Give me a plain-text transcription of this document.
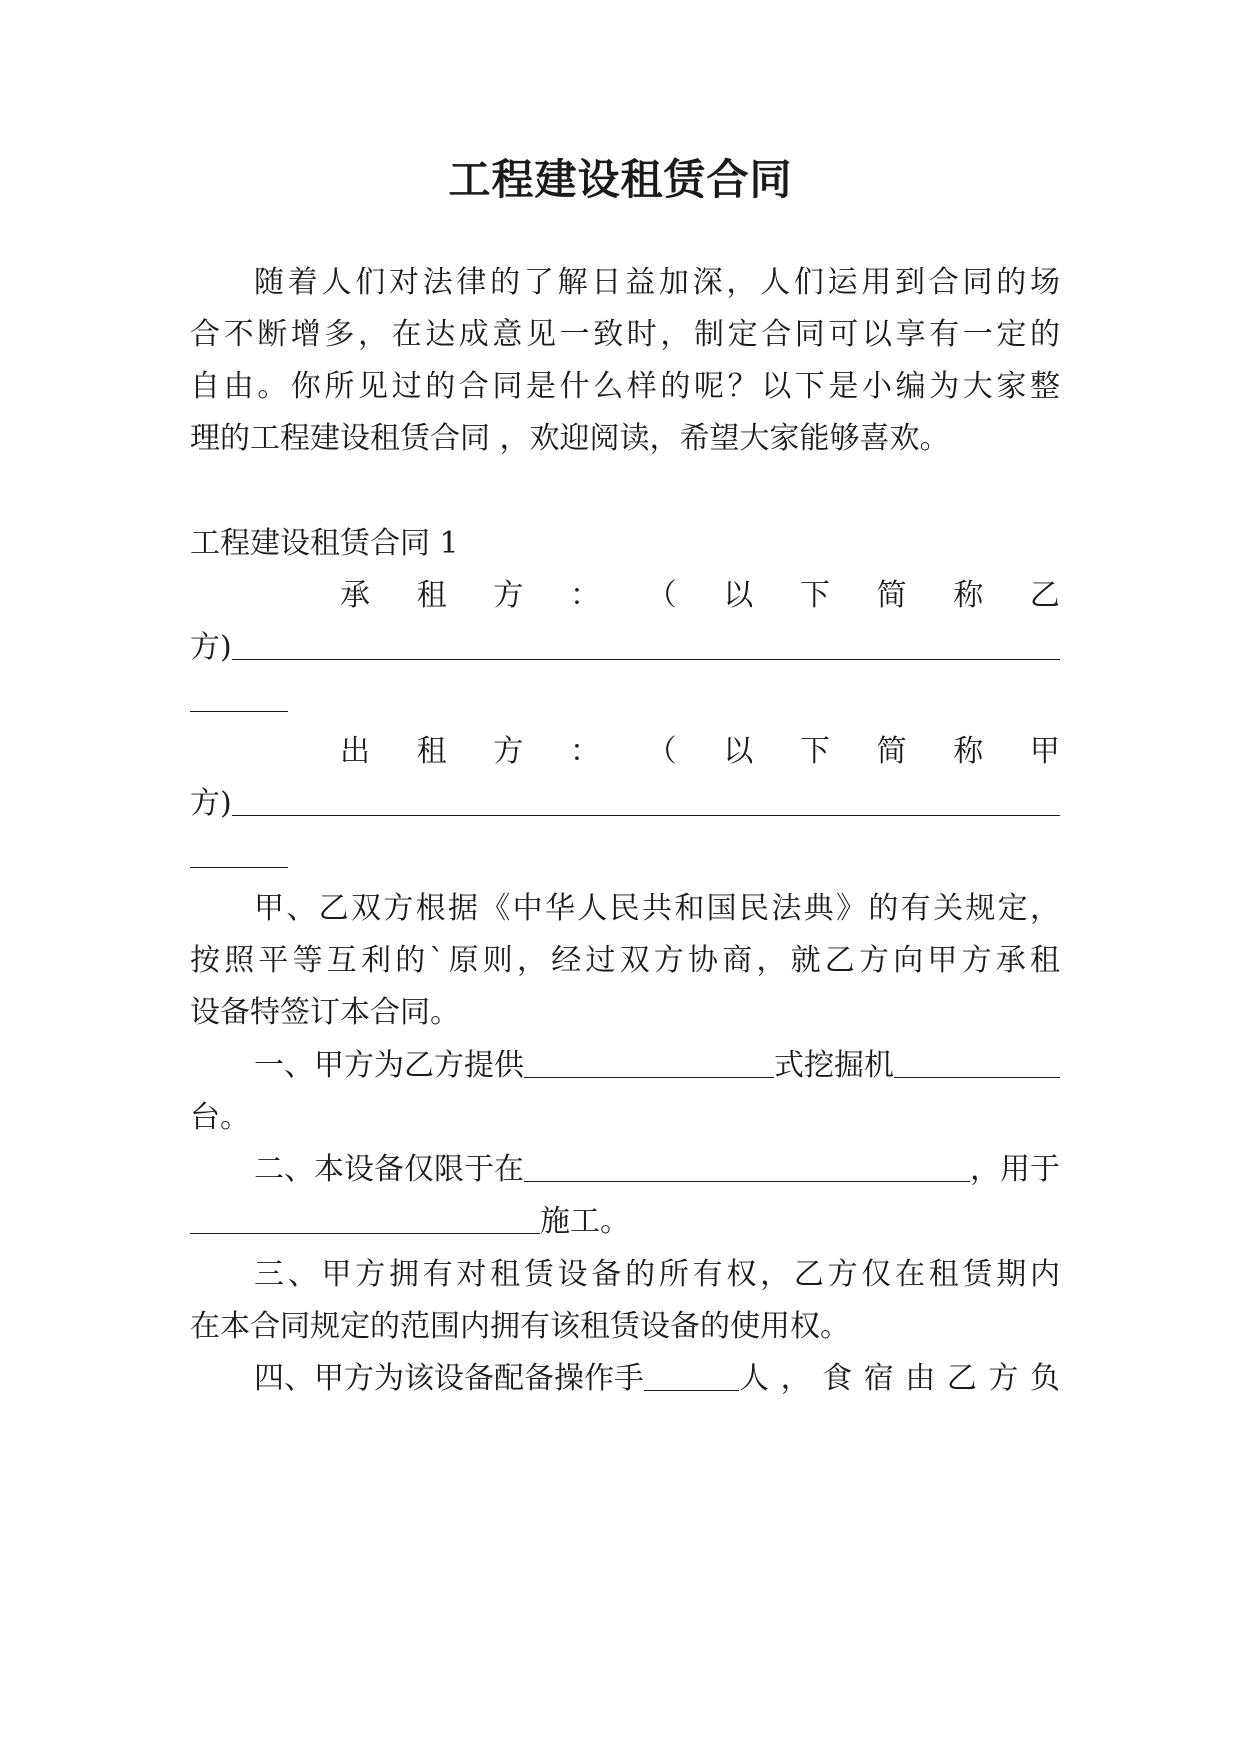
工程建设租赁合同
随着人们对法律的了解日益加深，人们运用到合同的场
合不断增多，在达成意见一致时，制定合同可以享有一定的
自由。你所见过的合同是什么样的呢？以下是小编为大家整
理的工程建设租赁合同 ，欢迎阅读，希望大家能够喜欢。
工程建设租赁合同 1
承 租 方 ： （ 以 下 简 称 乙
方)
出 租 方 ： （ 以 下 简 称 甲
方)
甲、乙双方根据《中华人民共和国民法典》的有关规定，
按照平等互利的`原则，经过双方协商，就乙方向甲方承租
设备特签订本合同。
一、甲方为乙方提供	式挖掘机
台。
二、本设备仅限于在	，用于
施工。
三、甲方拥有对租赁设备的所有权，乙方仅在租赁期内
在本合同规定的范围内拥有该租赁设备的使用权。
四、甲方为该设备配备操作手	人，食宿由乙方负
